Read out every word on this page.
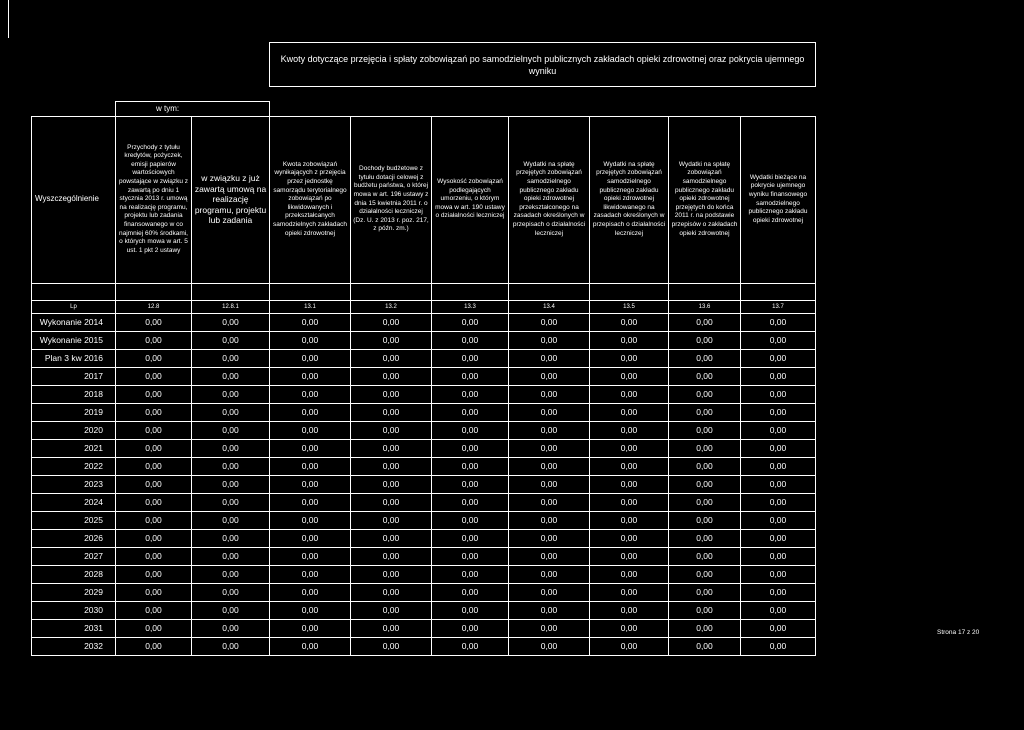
			Kwoty dotyczące przejęcia i spłaty zobowiązań po samodzielnych publicznych zakładach opieki zdrowotnej oraz pokrycia ujemnego wyniku						

	w tym:								
Wyszczególnienie	Przychody z tytułu kredytów, pożyczek, emisji papierów wartościowych powstające w związku z zawartą po dniu 1 stycznia 2013 r. umową na realizację programu, projektu lub zadania finansowanego w co najmniej 60% środkami, o których mowa w art. 5 ust. 1 pkt 2 ustawy	w związku z już zawartą umową na realizację programu, projektu lub zadania	Kwota zobowiązań wynikających z przejęcia przez jednostkę samorządu terytorialnego zobowiązań po likwidowanych i przekształcanych samodzielnych zakładach opieki zdrowotnej	Dochody budżetowe z tytułu dotacji celowej z budżetu państwa, o której mowa w art. 196 ustawy z dnia 15 kwietnia 2011 r. o działalności leczniczej (Dz. U. z 2013 r. poz. 217, z późn. zm.)	Wysokość zobowiązań podlegających umorzeniu, o którym mowa w art. 190 ustawy o działalności leczniczej	Wydatki na spłatę przejętych zobowiązań samodzielnego publicznego zakładu opieki zdrowotnej przekształconego na zasadach określonych w przepisach o działalności leczniczej	Wydatki na spłatę przejętych zobowiązań samodzielnego publicznego zakładu opieki zdrowotnej likwidowanego na zasadach określonych w przepisach o działalności leczniczej	Wydatki na spłatę zobowiązań samodzielnego publicznego zakładu opieki zdrowotnej przejętych do końca 2011 r. na podstawie przepisów o zakładach opieki zdrowotnej	Wydatki bieżące na pokrycie ujemnego wyniku finansowego samodzielnego publicznego zakładu opieki zdrowotnej

Lp	12.8	12.8.1	13.1	13.2	13.3	13.4	13.5	13.6	13.7
Wykonanie 2014	0,00	0,00	0,00	0,00	0,00	0,00	0,00	0,00	0,00
Wykonanie 2015	0,00	0,00	0,00	0,00	0,00	0,00	0,00	0,00	0,00
Plan 3 kw 2016	0,00	0,00	0,00	0,00	0,00	0,00	0,00	0,00	0,00
2017	0,00	0,00	0,00	0,00	0,00	0,00	0,00	0,00	0,00
2018	0,00	0,00	0,00	0,00	0,00	0,00	0,00	0,00	0,00
2019	0,00	0,00	0,00	0,00	0,00	0,00	0,00	0,00	0,00
2020	0,00	0,00	0,00	0,00	0,00	0,00	0,00	0,00	0,00
2021	0,00	0,00	0,00	0,00	0,00	0,00	0,00	0,00	0,00
2022	0,00	0,00	0,00	0,00	0,00	0,00	0,00	0,00	0,00
2023	0,00	0,00	0,00	0,00	0,00	0,00	0,00	0,00	0,00
2024	0,00	0,00	0,00	0,00	0,00	0,00	0,00	0,00	0,00
2025	0,00	0,00	0,00	0,00	0,00	0,00	0,00	0,00	0,00
2026	0,00	0,00	0,00	0,00	0,00	0,00	0,00	0,00	0,00
2027	0,00	0,00	0,00	0,00	0,00	0,00	0,00	0,00	0,00
2028	0,00	0,00	0,00	0,00	0,00	0,00	0,00	0,00	0,00
2029	0,00	0,00	0,00	0,00	0,00	0,00	0,00	0,00	0,00
2030	0,00	0,00	0,00	0,00	0,00	0,00	0,00	0,00	0,00
2031	0,00	0,00	0,00	0,00	0,00	0,00	0,00	0,00	0,00
2032	0,00	0,00	0,00	0,00	0,00	0,00	0,00	0,00	0,00
Strona 17 z 20
